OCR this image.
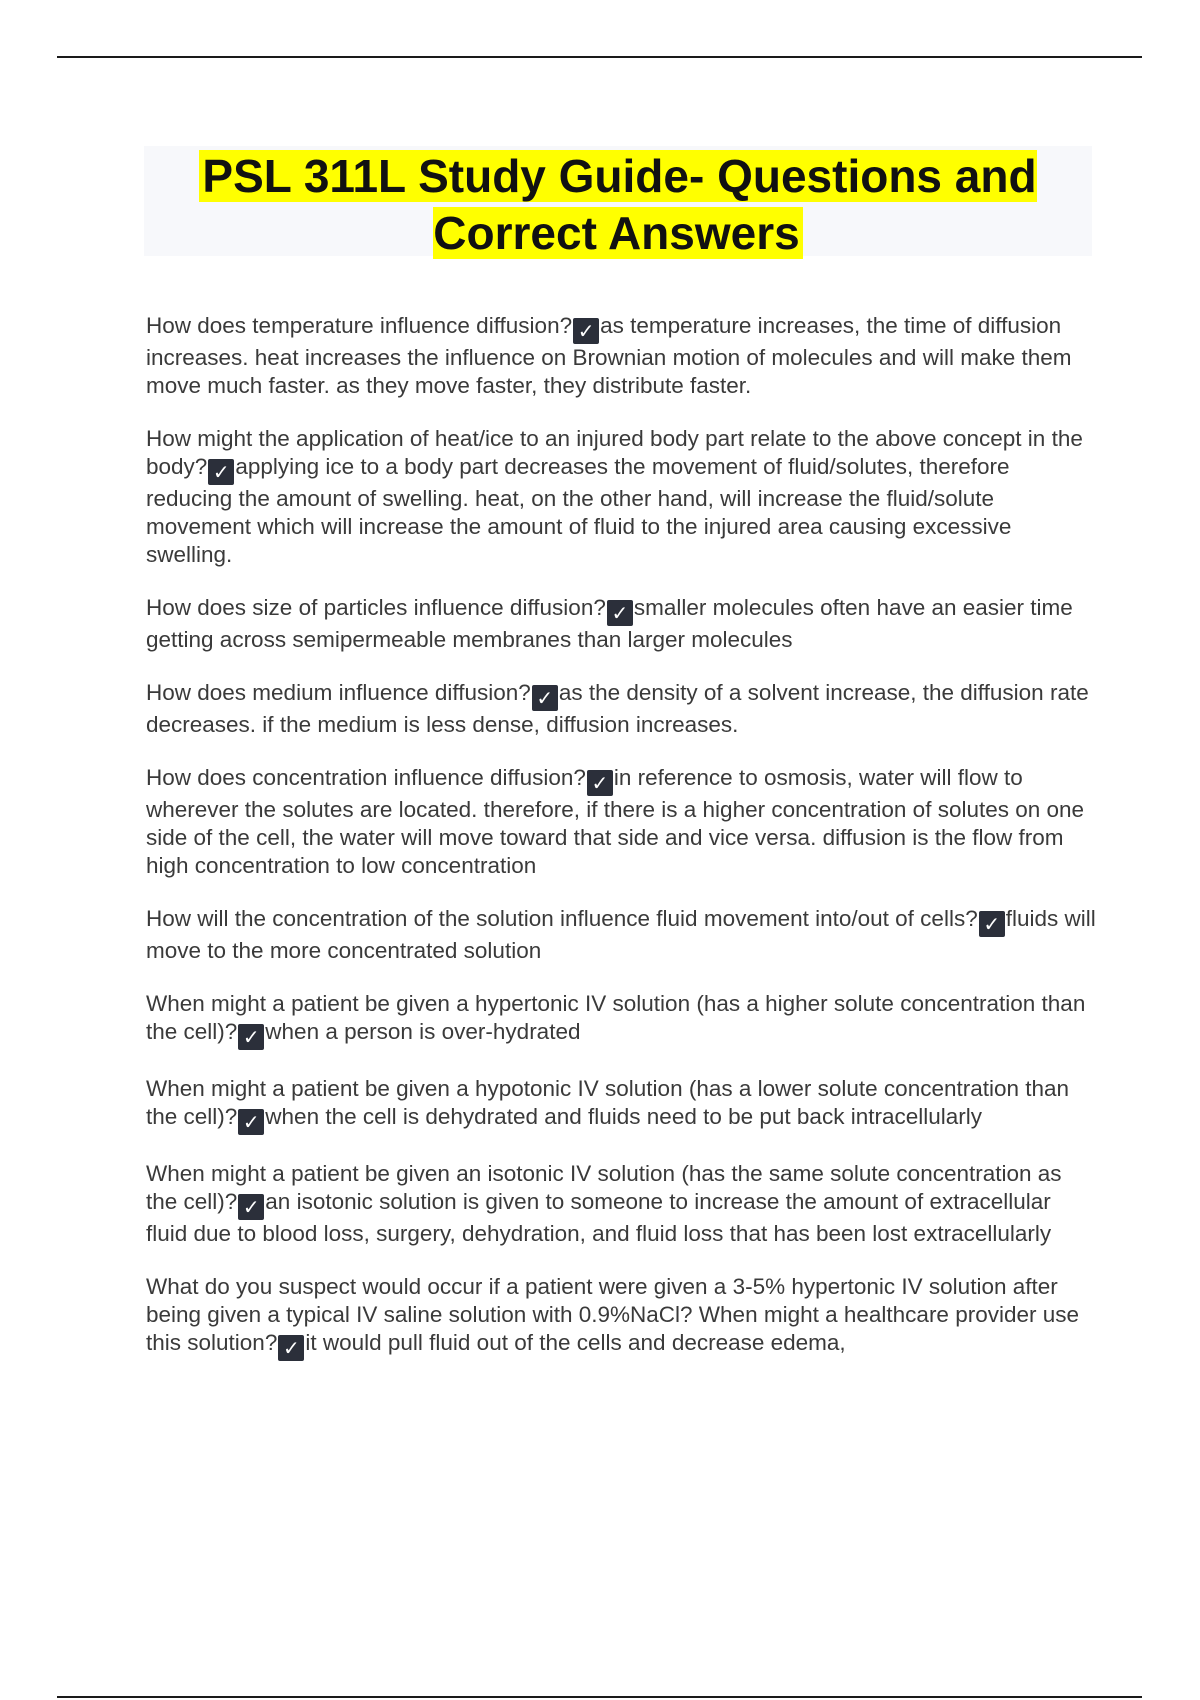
PSL 311L Study Guide- Questions and Correct Answers

How does temperature influence diffusion? ✓ as temperature increases, the time of diffusion increases. heat increases the influence on Brownian motion of molecules and will make them move much faster. as they move faster, they distribute faster.

How might the application of heat/ice to an injured body part relate to the above concept in the body? ✓ applying ice to a body part decreases the movement of fluid/solutes, therefore reducing the amount of swelling. heat, on the other hand, will increase the fluid/solute movement which will increase the amount of fluid to the injured area causing excessive swelling.

How does size of particles influence diffusion? ✓ smaller molecules often have an easier time getting across semipermeable membranes than larger molecules

How does medium influence diffusion? ✓ as the density of a solvent increase, the diffusion rate decreases. if the medium is less dense, diffusion increases.

How does concentration influence diffusion? ✓ in reference to osmosis, water will flow to wherever the solutes are located. therefore, if there is a higher concentration of solutes on one side of the cell, the water will move toward that side and vice versa. diffusion is the flow from high concentration to low concentration

How will the concentration of the solution influence fluid movement into/out of cells? ✓ fluids will move to the more concentrated solution

When might a patient be given a hypertonic IV solution (has a higher solute concentration than the cell)? ✓ when a person is over-hydrated

When might a patient be given a hypotonic IV solution (has a lower solute concentration than the cell)? ✓ when the cell is dehydrated and fluids need to be put back intracellularly

When might a patient be given an isotonic IV solution (has the same solute concentration as the cell)? ✓ an isotonic solution is given to someone to increase the amount of extracellular fluid due to blood loss, surgery, dehydration, and fluid loss that has been lost extracellularly

What do you suspect would occur if a patient were given a 3-5% hypertonic IV solution after being given a typical IV saline solution with 0.9%NaCl? When might a healthcare provider use this solution? ✓ it would pull fluid out of the cells and decrease edema,
